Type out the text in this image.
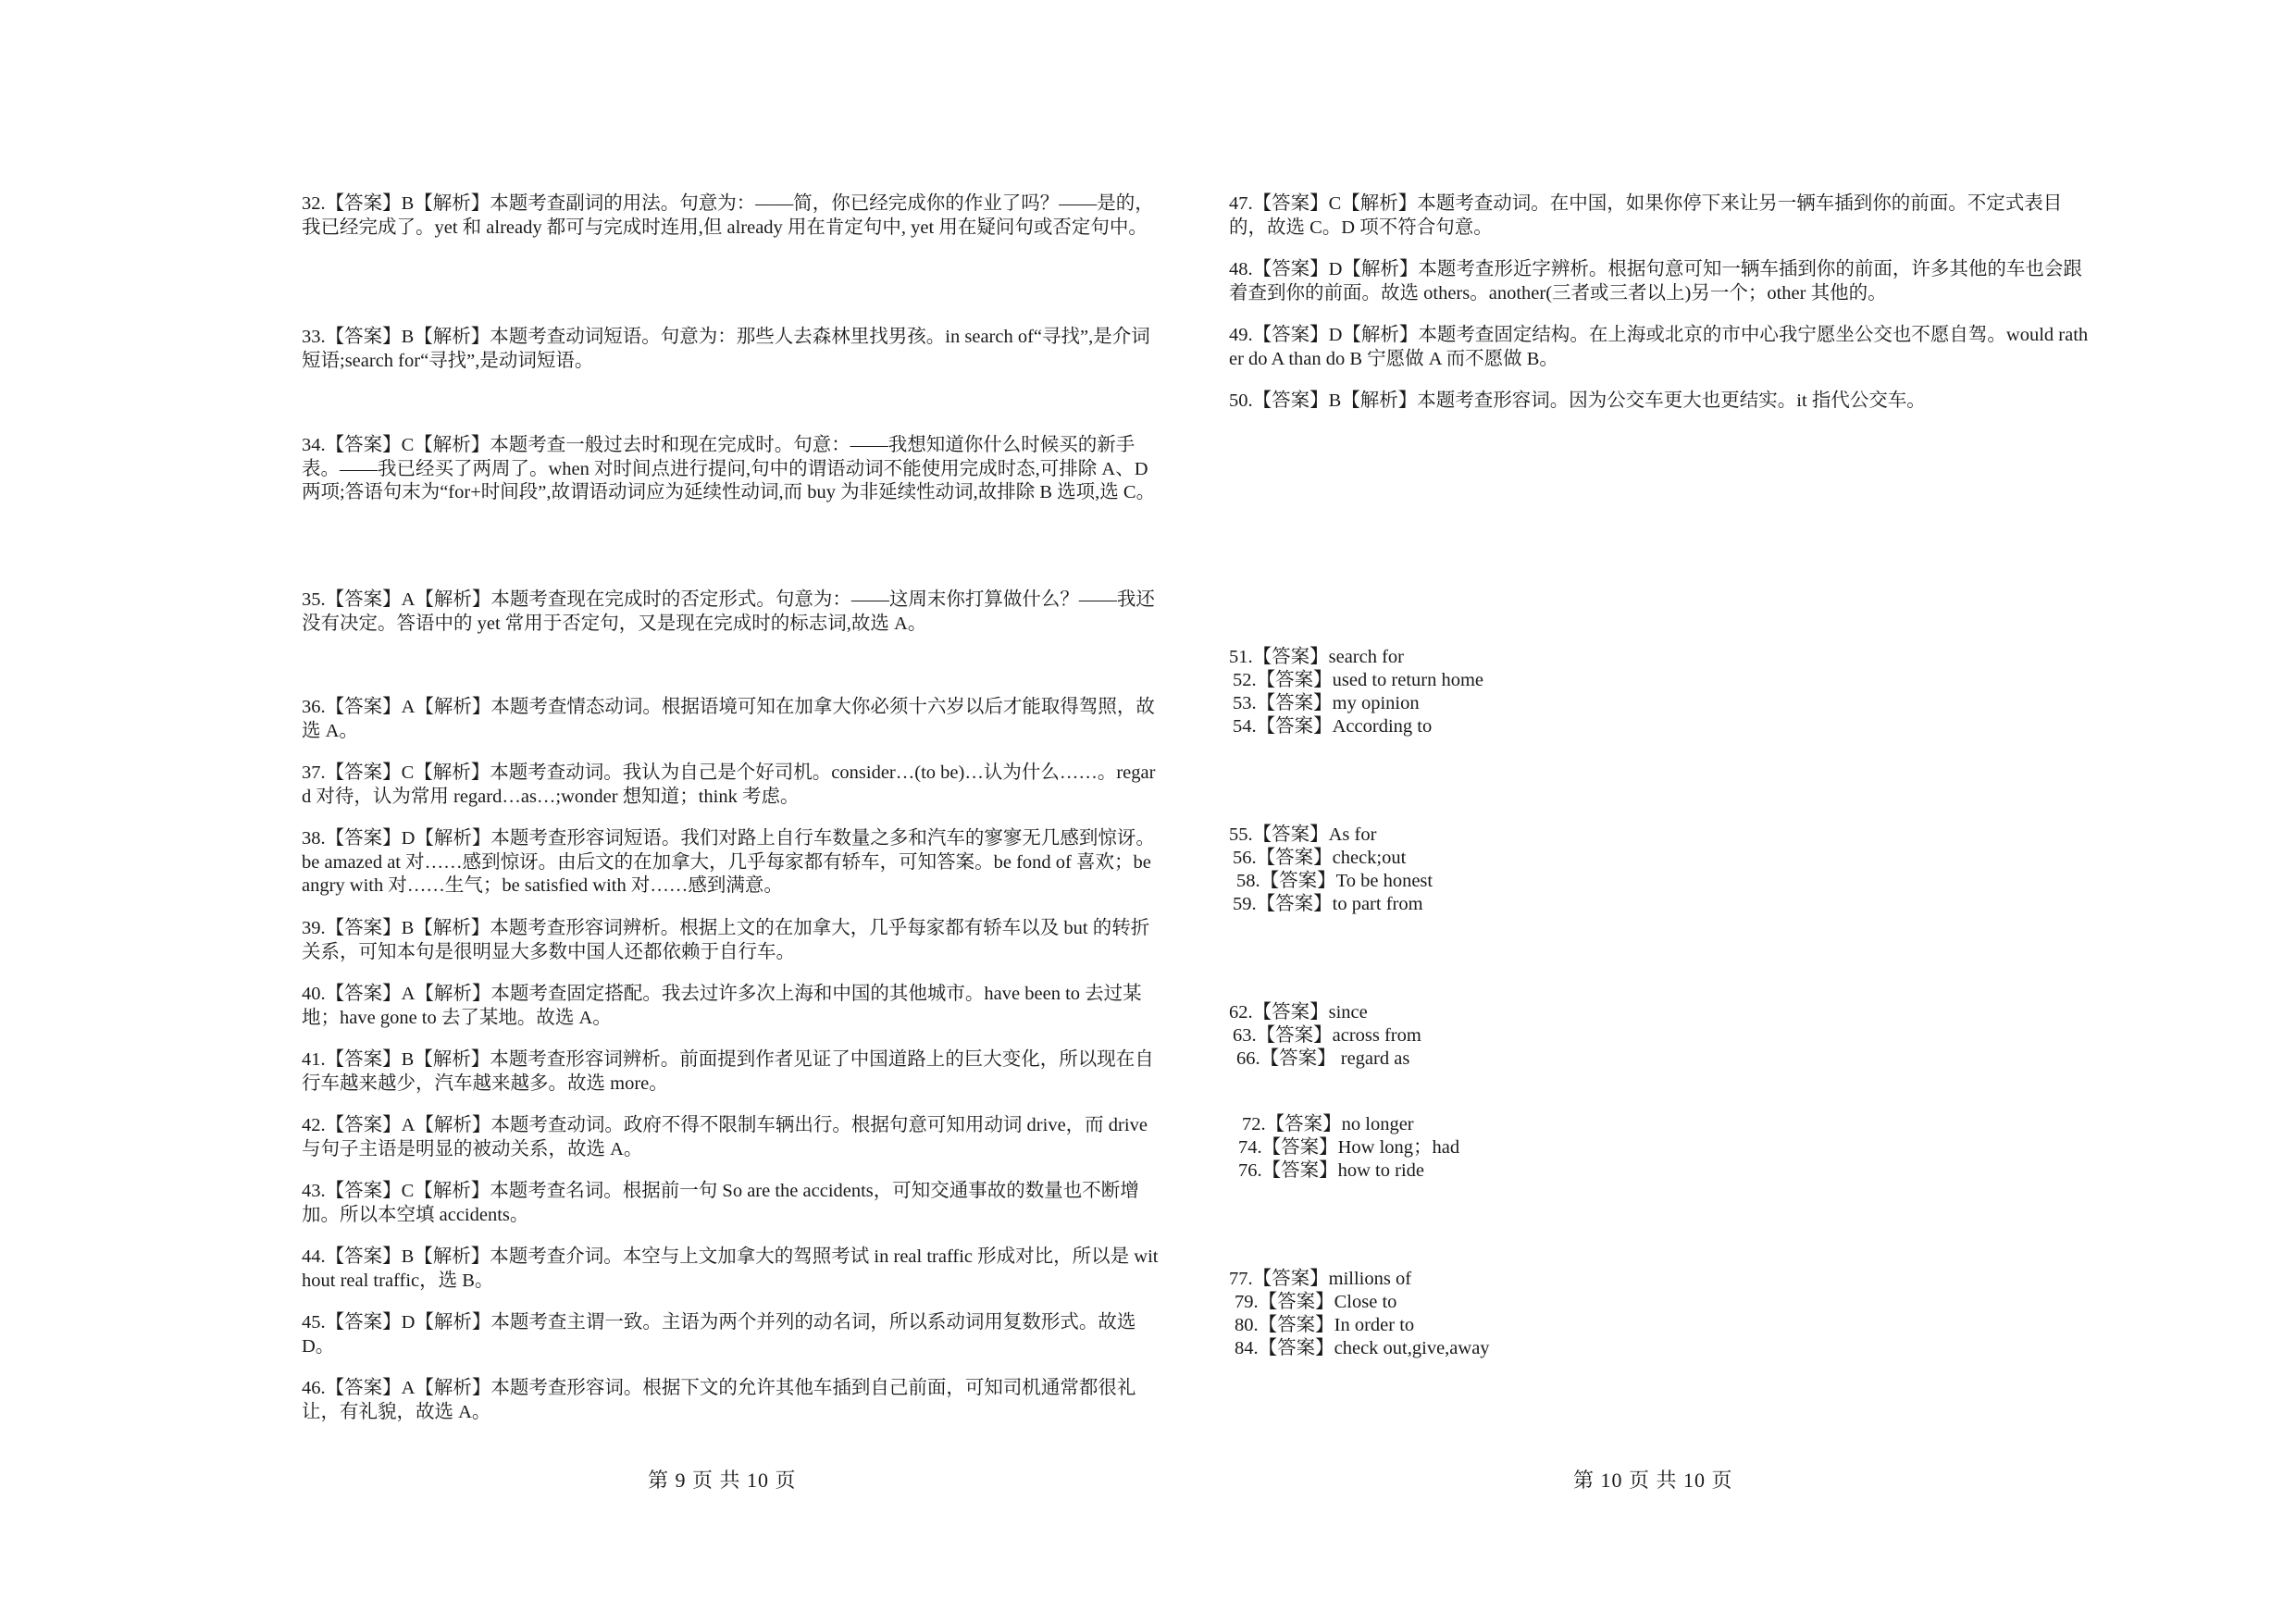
32.【答案】B【解析】本题考查副词的用法。句意为：——简，你已经完成你的作业了吗？——是的，我已经完成了。yet 和 already 都可与完成时连用,但 already 用在肯定句中, yet 用在疑问句或否定句中。
33.【答案】B【解析】本题考查动词短语。句意为：那些人去森林里找男孩。in search of“寻找”,是介词短语;search for“寻找”,是动词短语。
34.【答案】C【解析】本题考查一般过去时和现在完成时。句意：——我想知道你什么时候买的新手表。——我已经买了两周了。when 对时间点进行提问,句中的谓语动词不能使用完成时态,可排除 A、D 两项;答语句末为“for+时间段”,故谓语动词应为延续性动词,而 buy 为非延续性动词,故排除 B 选项,选 C。
35.【答案】A【解析】本题考查现在完成时的否定形式。句意为：——这周末你打算做什么？——我还没有决定。答语中的 yet 常用于否定句，又是现在完成时的标志词,故选 A。
36.【答案】A【解析】本题考查情态动词。根据语境可知在加拿大你必须十六岁以后才能取得驾照，故选 A。
37.【答案】C【解析】本题考查动词。我认为自己是个好司机。consider…(to be)…认为什么……。regard 对待，认为常用 regard…as…;wonder 想知道；think 考虑。
38.【答案】D【解析】本题考查形容词短语。我们对路上自行车数量之多和汽车的寥寥无几感到惊讶。be amazed at 对……感到惊讶。由后文的在加拿大，几乎每家都有轿车，可知答案。be fond of 喜欢；be angry with 对……生气；be satisfied with 对……感到满意。
39.【答案】B【解析】本题考查形容词辨析。根据上文的在加拿大，几乎每家都有轿车以及 but 的转折关系，可知本句是很明显大多数中国人还都依赖于自行车。
40.【答案】A【解析】本题考查固定搭配。我去过许多次上海和中国的其他城市。have been to 去过某地；have gone to 去了某地。故选 A。
41.【答案】B【解析】本题考查形容词辨析。前面提到作者见证了中国道路上的巨大变化，所以现在自行车越来越少，汽车越来越多。故选 more。
42.【答案】A【解析】本题考查动词。政府不得不限制车辆出行。根据句意可知用动词 drive，而 drive 与句子主语是明显的被动关系，故选 A。
43.【答案】C【解析】本题考查名词。根据前一句 So are the accidents，可知交通事故的数量也不断增加。所以本空填 accidents。
44.【答案】B【解析】本题考查介词。本空与上文加拿大的驾照考试 in real traffic 形成对比，所以是 without real traffic，选 B。
45.【答案】D【解析】本题考查主谓一致。主语为两个并列的动名词，所以系动词用复数形式。故选 D。
46.【答案】A【解析】本题考查形容词。根据下文的允许其他车插到自己前面，可知司机通常都很礼让，有礼貌，故选 A。
47.【答案】C【解析】本题考查动词。在中国，如果你停下来让另一辆车插到你的前面。不定式表目的，故选 C。D 项不符合句意。
48.【答案】D【解析】本题考查形近字辨析。根据句意可知一辆车插到你的前面，许多其他的车也会跟着查到你的前面。故选 others。another(三者或三者以上)另一个；other 其他的。
49.【答案】D【解析】本题考查固定结构。在上海或北京的市中心我宁愿坐公交也不愿自驾。would rather do A than do B 宁愿做 A 而不愿做 B。
50.【答案】B【解析】本题考查形容词。因为公交车更大也更结实。it 指代公交车。
51.【答案】search for
52.【答案】used to return home
53.【答案】my opinion
54.【答案】According to
55.【答案】As for
56.【答案】check;out
58.【答案】To be honest
59.【答案】to part from
62.【答案】since
63.【答案】across from
66.【答案】 regard as
72.【答案】no longer
74.【答案】How long；had
76.【答案】how to ride
77.【答案】millions of
79.【答案】Close to
80.【答案】In order to
84.【答案】check out,give,away
第 9 页 共 10 页	第 10 页 共 10 页
